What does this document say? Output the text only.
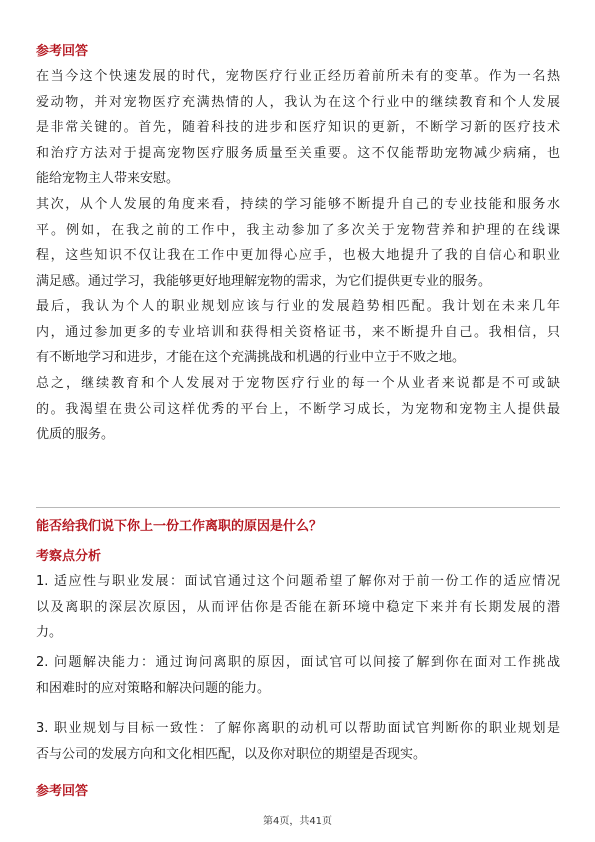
参考回答
在当今这个快速发展的时代，宠物医疗行业正经历着前所未有的变革。作为一名热
爱动物，并对宠物医疗充满热情的人，我认为在这个行业中的继续教育和个人发展
是非常关键的。首先，随着科技的进步和医疗知识的更新，不断学习新的医疗技术
和治疗方法对于提高宠物医疗服务质量至关重要。这不仅能帮助宠物减少病痛，也
能给宠物主人带来安慰。
其次，从个人发展的角度来看，持续的学习能够不断提升自己的专业技能和服务水
平。例如，在我之前的工作中，我主动参加了多次关于宠物营养和护理的在线课
程，这些知识不仅让我在工作中更加得心应手，也极大地提升了我的自信心和职业
满足感。通过学习，我能够更好地理解宠物的需求，为它们提供更专业的服务。
最后，我认为个人的职业规划应该与行业的发展趋势相匹配。我计划在未来几年
内，通过参加更多的专业培训和获得相关资格证书，来不断提升自己。我相信，只
有不断地学习和进步，才能在这个充满挑战和机遇的行业中立于不败之地。
总之，继续教育和个人发展对于宠物医疗行业的每一个从业者来说都是不可或缺
的。我渴望在贵公司这样优秀的平台上，不断学习成长，为宠物和宠物主人提供最
优质的服务。
能否给我们说下你上一份工作离职的原因是什么？
考察点分析
1. 适应性与职业发展：面试官通过这个问题希望了解你对于前一份工作的适应情况
以及离职的深层次原因，从而评估你是否能在新环境中稳定下来并有长期发展的潜
力。
2. 问题解决能力：通过询问离职的原因，面试官可以间接了解到你在面对工作挑战
和困难时的应对策略和解决问题的能力。
3. 职业规划与目标一致性：了解你离职的动机可以帮助面试官判断你的职业规划是
否与公司的发展方向和文化相匹配，以及你对职位的期望是否现实。
参考回答
第4页，共41页
